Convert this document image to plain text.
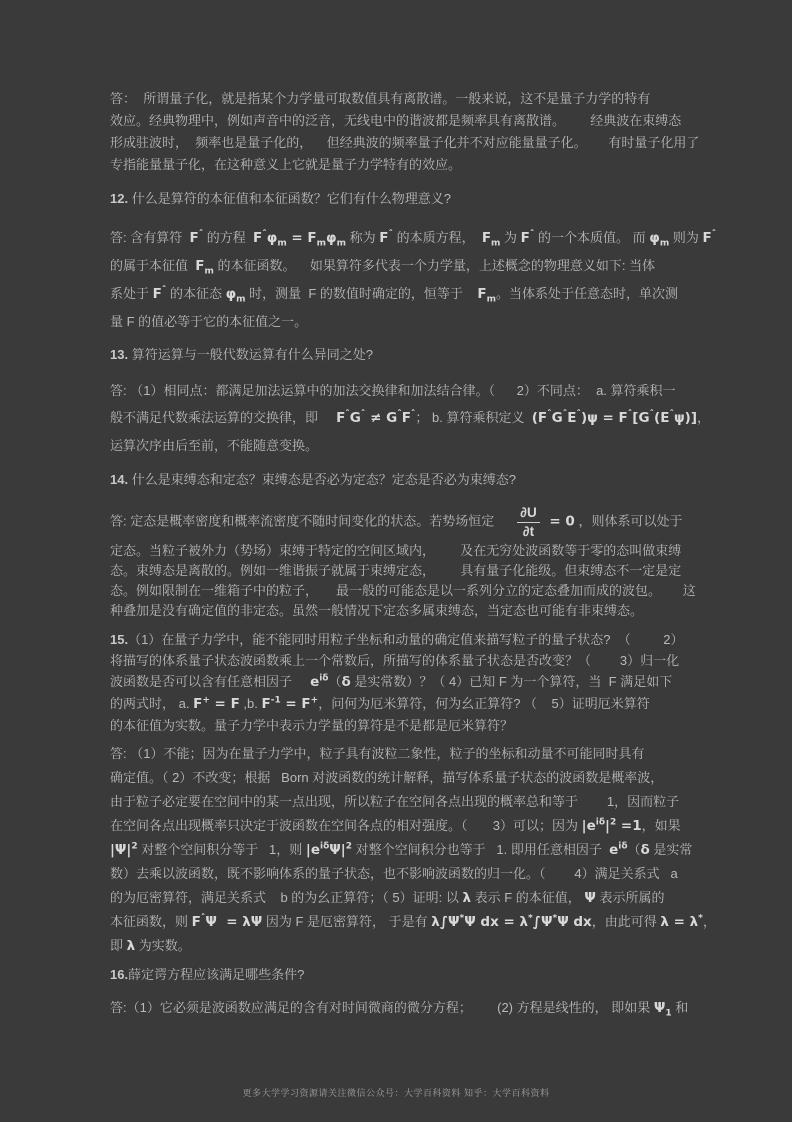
答：  所谓量子化，就是指某个力学量可取数值具有离散谱。一般来说，这不是量子力学的特有
效应。经典物理中，例如声音中的泛音，无线电中的谐波都是频率具有离散谱。       经典波在束缚态
形成驻波时，  频率也是量子化的，    但经典波的频率量子化并不对应能量量子化。      有时量子化用了
专指能量量子化，在这种意义上它就是量子力学特有的效应。
12. 什么是算符的本征值和本征函数？它们有什么物理意义?
答: 含有算符  $F^ˆ$ 的方程  $F^ˆ\varphi_m = F_m\varphi_m$ 称为 $F^ˆ$ 的本质方程，  $F_m$ 为 $F^ˆ$ 的一个本质值。 而 $\varphi_m$ 则为 $F^ˆ$
的属于本征值  $F_m$ 的本征函数。    如果算符多代表一个力学量，上述概念的物理意义如下: 当体
系处于 $F^ˆ$ 的本征态 $\varphi_m$ 时，测量  F 的数值时确定的，恒等于    $F_m$。当体系处于任意态时，单次测
量 F 的值必等于它的本征值之一。
13. 算符运算与一般代数运算有什么异同之处?
答: （1）相同点：都满足加法运算中的加法交换律和加法结合律。（      2）不同点：  a. 算符乘积一
般不满足代数乘法运算的交换律，即     $F^ˆG^ˆ \ne G^ˆF^ˆ$； b. 算符乘积定义  $(F^ˆG^ˆE^ˆ)\psi = F^ˆ[G^ˆ(E^ˆ\psi)]$，
运算次序由后至前，不能随意变换。
14. 什么是束缚态和定态？束缚态是否必为定态？定态是否必为束缚态?
答: 定态是概率密度和概率流密度不随时间变化的状态。若势场恒定 $\frac{\partial U}{\partial t} = 0$ ，则体系可以处于
定态。当粒子被外力（势场）束缚于特定的空间区域内，       及在无穷处波函数等于零的态叫做束缚
态。束缚态是离散的。例如一维谐振子就属于束缚定态，       具有量子化能级。但束缚态不一定是定
态。例如限制在一维箱子中的粒子，     最一般的可能态是以一系列分立的定态叠加而成的波包。      这
种叠加是没有确定值的非定态。虽然一般情况下定态多属束缚态，当定态也可能有非束缚态。
15.（1）在量子力学中，能不能同时用粒子坐标和动量的确定值来描写粒子的量子状态?  （         2）
将描写的体系量子状态波函数乘上一个常数后，所描写的体系量子状态是否改变？（        3）归一化
波函数是否可以含有任意相因子     $e^{i\delta}(\delta$ 是实常数）？（ 4）已知 F 为一个算符，当  F 满足如下
的两式时， a. F+ = F ,b. $F^{-1} = F^+$，问何为厄米算符，何为幺正算符? （    5）证明厄米算符
的本征值为实数。量子力学中表示力学量的算符是不是都是厄米算符？
答: （1）不能；因为在量子力学中，粒子具有波粒二象性，粒子的坐标和动量不可能同时具有
确定值。（ 2）不改变；根据   Born 对波函数的统计解释，描写体系量子状态的波函数是概率波，
由于粒子必定要在空间中的某一点出现，所以粒子在空间各点出现的概率总和等于        1，因而粒子
在空间各点出现概率只决定于波函数在空间各点的相对强度。（       3）可以；因为 $|e^{i\delta}|^2 =1$，如果
$|\Psi|^2$ 对整个空间积分等于   1，则 $|e^{i\delta}\Psi|^2$ 对整个空间积分也等于   1. 即用任意相因子  $e^{i\delta}(\delta$ 是实常
数）去乘以波函数，既不影响体系的量子状态，也不影响波函数的归一化。（        4）满足关系式   a
的为厄密算符，满足关系式    b 的为幺正算符；（ 5）证明: 以 λ 表示 F 的本征值， Ψ 表示所属的
本征函数，则 $F^ˆ\Psi = \lambda\Psi$ 因为 F 是厄密算符， 于是有 λ∫Ψ*Ψ dx = λ*∫Ψ*Ψ dx，由此可得 λ = λ*，
即 λ 为实数。
16.薛定谔方程应该满足哪些条件?
答:（1）它必须是波函数应满足的含有对时间微商的微分方程；       (2) 方程是线性的， 即如果 $\Psi_1$ 和
更多大学学习资源请关注微信公众号：大学百科资料 知乎：大学百科资料
